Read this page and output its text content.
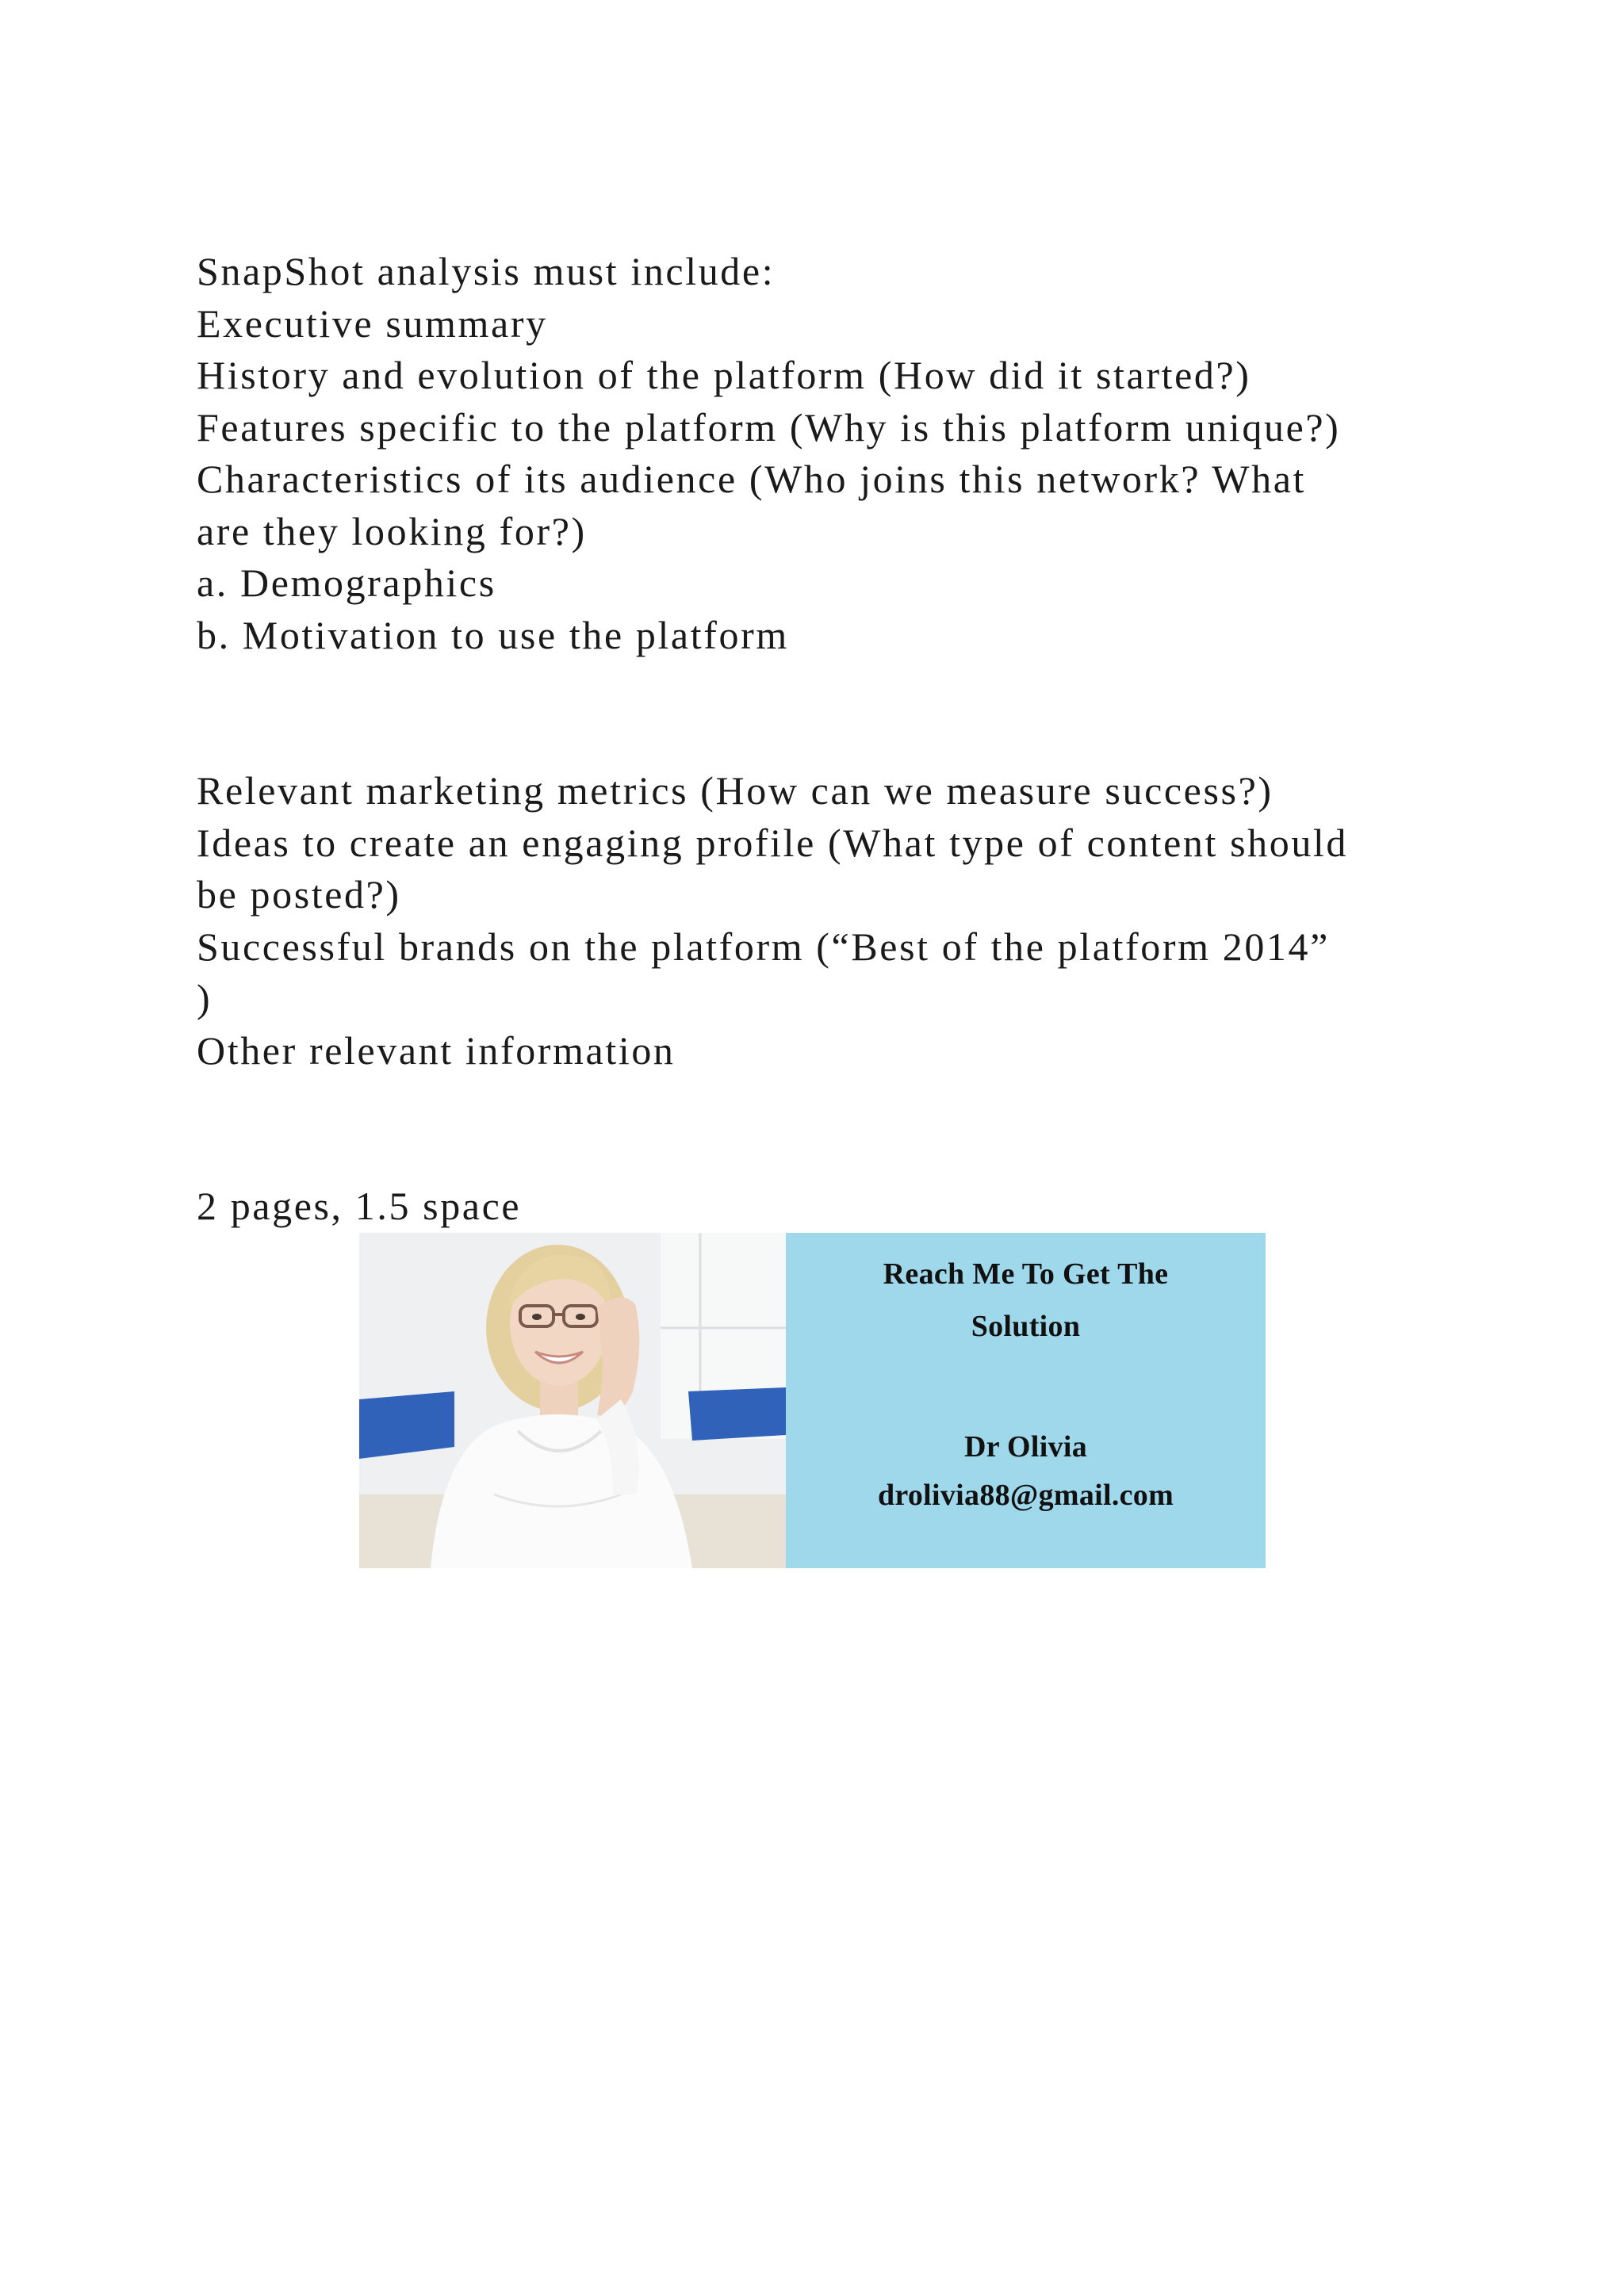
SnapShot analysis must include:
Executive summary
History and evolution of the platform (How did it started?)
Features specific to the platform (Why is this platform unique?)
Characteristics of its audience (Who joins this network? What
are they looking for?)
a. Demographics
b. Motivation to use the platform
Relevant marketing metrics (How can we measure success?)
Ideas to create an engaging profile (What type of content should
be posted?)
Successful brands on the platform (“Best of the platform 2014”
)
Other relevant information
2 pages, 1.5 space
Reach Me To Get The
Solution
Dr Olivia
drolivia88@gmail.com
